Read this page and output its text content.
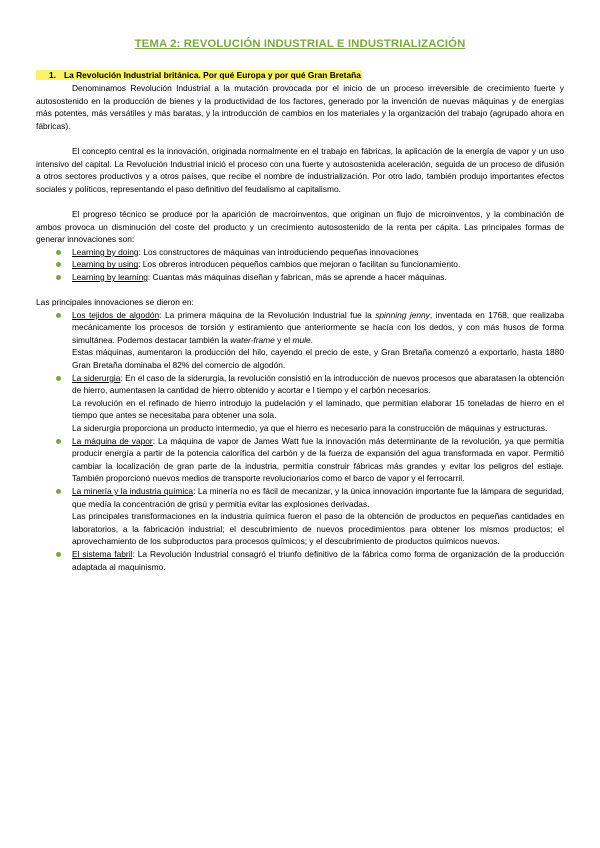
TEMA 2: REVOLUCIÓN INDUSTRIAL E INDUSTRIALIZACIÓN
1. La Revolución Industrial británica. Por qué Europa y por qué Gran Bretaña

Denominamos Revolución Industrial a la mutación provocada por el inicio de un proceso irreversible de crecimiento fuerte y autosostenido en la producción de bienes y la productividad de los factores, generado por la invención de nuevas máquinas y de energías más potentes, más versátiles y más baratas, y la introducción de cambios en los materiales y la organización del trabajo (agrupado ahora en fábricas).

El concepto central es la innovación, originada normalmente en el trabajo en fábricas, la aplicación de la energía de vapor y un uso intensivo del capital. La Revolución Industrial inició el proceso con una fuerte y autosostenida aceleración, seguida de un proceso de difusión a otros sectores productivos y a otros países, que recibe el nombre de industrialización. Por otro lado, también produjo importantes efectos sociales y políticos, representando el paso definitivo del feudalismo al capitalismo.

El progreso técnico se produce por la aparición de macroinventos, que originan un flujo de microinventos, y la combinación de ambos provoca un disminución del coste del producto y un crecimiento autosostenido de la renta per cápita. Las principales formas de generar innovaciones son:

Learning by doing: Los constructores de máquinas van introduciendo pequeñas innovaciones
Learning by using: Los obreros introducen pequeños cambios que mejoran o facilitan su funcionamiento.
Learning by learning: Cuantas más máquinas diseñan y fabrican, más se aprende a hacer máquinas.

Las principales innovaciones se dieron en:

Los tejidos de algodón: La primera máquina de la Revolución Industrial fue la spinning jenny, inventada en 1768, que realizaba mecánicamente los procesos de torsión y estiramiento que anteriormente se hacía con los dedos, y con más husos de forma simultánea. Podemos destacar también la water-frame y el mule.

Estas máquinas, aumentaron la producción del hilo, cayendo el precio de este, y Gran Bretaña comenzó a exportarlo, hasta 1880 Gran Bretaña dominaba el 82% del comercio de algodón.

La siderurgia: En el caso de la siderurgia, la revolución consistió en la introducción de nuevos procesos que abaratasen la obtención de hierro, aumentasen la cantidad de hierro obtenido y acortar e l tiempo y el carbón necesarios.

La revolución en el refinado de hierro introdujo la pudelación y el laminado, que permitían elaborar 15 toneladas de hierro en el tiempo que antes se necesitaba para obtener una sola.

La siderurgia proporciona un producto intermedio, ya que el hierro es necesario para la construcción de máquinas y estructuras.

La máquina de vapor: La máquina de vapor de James Watt fue la innovación más determinante de la revolución, ya que permitía producir energía a partir de la potencia calorífica del carbón y de la fuerza de expansión del agua transformada en vapor. Permitió cambiar la localización de gran parte de la industria, permitía construir fábricas más grandes y evitar los peligros del estiaje. También proporcionó nuevos medios de transporte revolucionarios como el barco de vapor y el ferrocarril.
La minería y la industria química: La minería no es fácil de mecanizar, y la única innovación importante fue la lámpara de seguridad, que medía la concentración de grisú y permitía evitar las explosiones derivadas.

Las principales transformaciones en la industria química fueron el paso de la obtención de productos en pequeñas cantidades en laboratorios, a la fabricación industrial; el descubrimiento de nuevos procedimientos para obtener los mismos productos; el aprovechamiento de los subproductos para procesos químicos; y el descubrimiento de productos químicos nuevos.

El sistema fabril: La Revolución Industrial consagró el triunfo definitivo de la fábrica como forma de organización de la producción adaptada al maquinismo.
